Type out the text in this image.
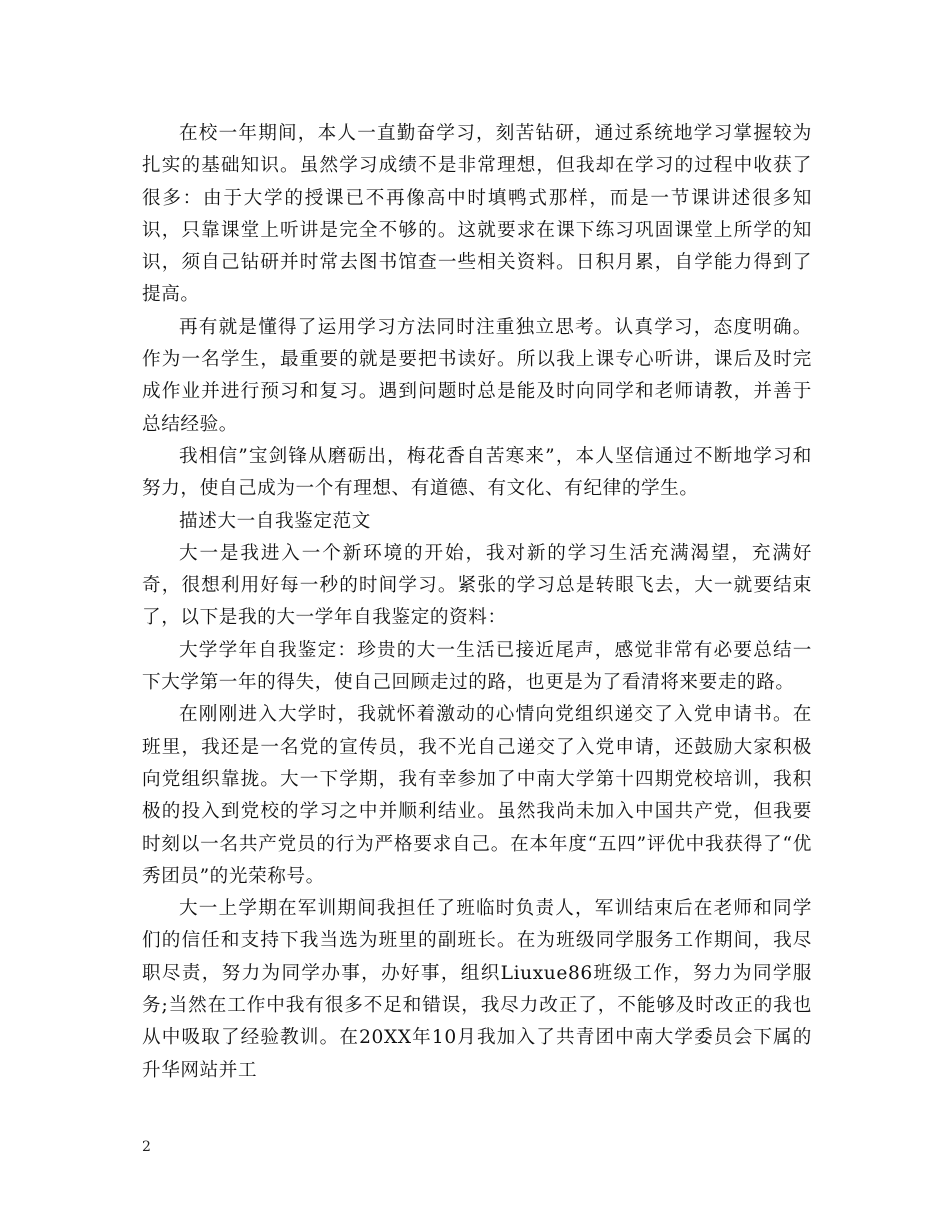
在校一年期间，本人一直勤奋学习，刻苦钻研，通过系统地学习掌握较为扎实的基础知识。虽然学习成绩不是非常理想，但我却在学习的过程中收获了很多：由于大学的授课已不再像高中时填鸭式那样，而是一节课讲述很多知识，只靠课堂上听讲是完全不够的。这就要求在课下练习巩固课堂上所学的知识，须自己钻研并时常去图书馆查一些相关资料。日积月累，自学能力得到了提高。

再有就是懂得了运用学习方法同时注重独立思考。认真学习，态度明确。作为一名学生，最重要的就是要把书读好。所以我上课专心听讲，课后及时完成作业并进行预习和复习。遇到问题时总是能及时向同学和老师请教，并善于总结经验。

我相信”宝剑锋从磨砺出，梅花香自苦寒来”，本人坚信通过不断地学习和努力，使自己成为一个有理想、有道德、有文化、有纪律的学生。

描述大一自我鉴定范文

大一是我进入一个新环境的开始，我对新的学习生活充满渴望，充满好奇，很想利用好每一秒的时间学习。紧张的学习总是转眼飞去，大一就要结束了，以下是我的大一学年自我鉴定的资料：

大学学年自我鉴定：珍贵的大一生活已接近尾声，感觉非常有必要总结一下大学第一年的得失，使自己回顾走过的路，也更是为了看清将来要走的路。

在刚刚进入大学时，我就怀着激动的心情向党组织递交了入党申请书。在班里，我还是一名党的宣传员，我不光自己递交了入党申请，还鼓励大家积极向党组织靠拢。大一下学期，我有幸参加了中南大学第十四期党校培训，我积极的投入到党校的学习之中并顺利结业。虽然我尚未加入中国共产党，但我要时刻以一名共产党员的行为严格要求自己。在本年度“五四”评优中我获得了“优秀团员”的光荣称号。

大一上学期在军训期间我担任了班临时负责人，军训结束后在老师和同学们的信任和支持下我当选为班里的副班长。在为班级同学服务工作期间，我尽职尽责，努力为同学办事，办好事，组织Liuxue86班级工作，努力为同学服务;当然在工作中我有很多不足和错误，我尽力改正了，不能够及时改正的我也从中吸取了经验教训。在20XX年10月我加入了共青团中南大学委员会下属的升华网站并工

2
